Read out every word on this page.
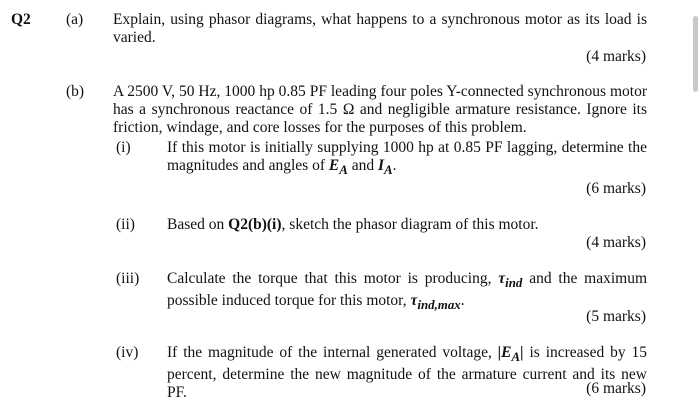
Q2 (a) Explain, using phasor diagrams, what happens to a synchronous motor as its load is varied.
(4 marks)
(b) A 2500 V, 50 Hz, 1000 hp 0.85 PF leading four poles Y-connected synchronous motor has a synchronous reactance of 1.5 Ω and negligible armature resistance. Ignore its friction, windage, and core losses for the purposes of this problem.
(i) If this motor is initially supplying 1000 hp at 0.85 PF lagging, determine the magnitudes and angles of $E_A$ and $I_A$.
(6 marks)
(ii) Based on Q2(b)(i), sketch the phasor diagram of this motor.
(4 marks)
(iii) Calculate the torque that this motor is producing, $\tau_{ind}$ and the maximum possible induced torque for this motor, $\tau_{ind,max}$.
(5 marks)
(iv) If the magnitude of the internal generated voltage, $|E_A|$ is increased by 15 percent, determine the new magnitude of the armature current and its new PF.	(6 marks)
